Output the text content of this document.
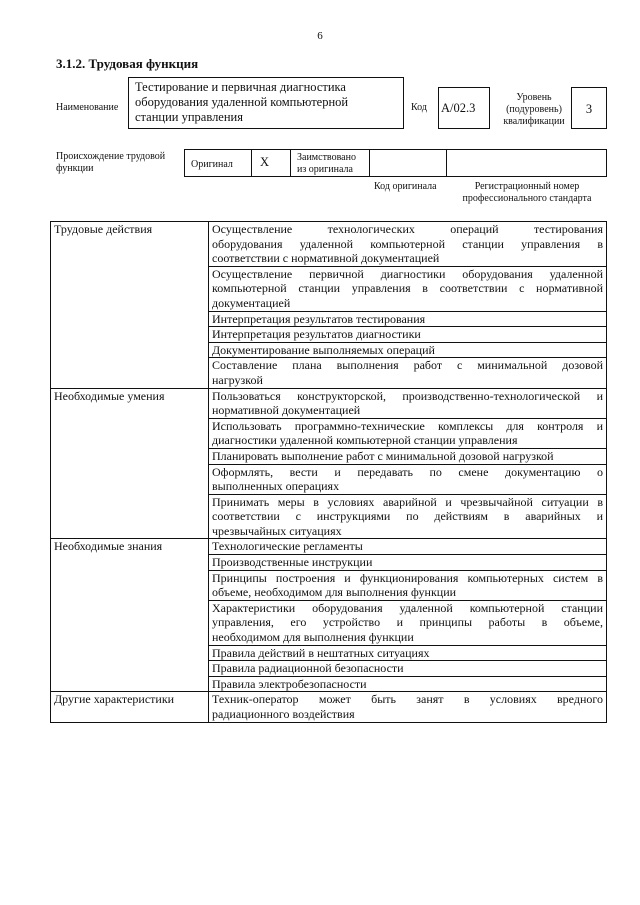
6
3.1.2. Трудовая функция
Наименование
Тестирование и первичная диагностика
оборудования удаленной компьютерной
станции управления
Код А/02.3
Уровень
(подуровень)
квалификации
3
Происхождение трудовой
функции	Оригинал	Х	Заимствовано
из оригинала
Код оригинала	Регистрационный номер
профессионального стандарта
Трудовые действия	Осуществление технологических операций тестирования
оборудования удаленной компьютерной станции управления в
соответствии с нормативной документацией

	Осуществление первичной диагностики оборудования удаленной
компьютерной станции управления в соответствии с нормативной
документацией

	Интерпретация результатов тестирования

	Интерпретация результатов диагностики

	Документирование выполняемых операций

	Составление плана выполнения работ с минимальной дозовой
нагрузкой

Необходимые умения	Пользоваться конструкторской, производственно-технологической и
нормативной документацией

	Использовать программно-технические комплексы для контроля и
диагностики удаленной компьютерной станции управления

	Планировать выполнение работ с минимальной дозовой нагрузкой

	Оформлять, вести и передавать по смене документацию о
выполненных операциях

	Принимать меры в условиях аварийной и чрезвычайной ситуации в
соответствии с инструкциями по действиям в аварийных и
чрезвычайных ситуациях

Необходимые знания	Технологические регламенты

	Производственные инструкции

	Принципы построения и функционирования компьютерных систем в
объеме, необходимом для выполнения функции

	Характеристики оборудования удаленной компьютерной станции
управления, его устройство и принципы работы в объеме,
необходимом для выполнения функции

	Правила действий в нештатных ситуациях

	Правила радиационной безопасности

	Правила электробезопасности

Другие характеристики	Техник-оператор может быть занят в условиях вредного
радиационного воздействия
